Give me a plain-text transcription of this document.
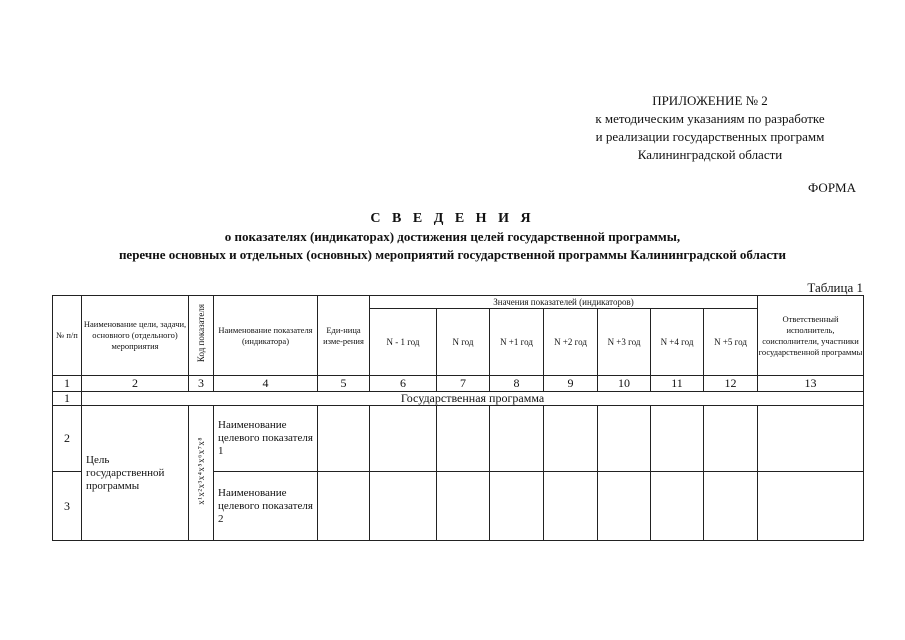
ПРИЛОЖЕНИЕ № 2
к методическим указаниям по разработке
и реализации государственных программ
Калининградской области
ФОРМА
С В Е Д Е Н И Я
о показателях (индикаторах) достижения целей государственной программы,
перечне основных и отдельных (основных) мероприятий государственной программы Калининградской области
Таблица 1
№ п/п	Наименование цели, задачи, основного (отдельного) мероприятия	Код показателя	Наименование показателя (индикатора)	Еди-ница изме-рения	Значения показателей (индикаторов)							Ответственный исполнитель, соисполнители, участники государственной программы
					N - 1 год	N год	N +1 год	N +2 год	N +3 год	N +4 год	N +5 год	
1	2	3	4	5	6	7	8	9	10	11	12	13
1	Государственная программа											
2	Цель государственной программы	x¹x²x³x⁴x⁵x⁶x⁷x⁸	Наименование целевого показателя 1									
3			Наименование целевого показателя 2									
